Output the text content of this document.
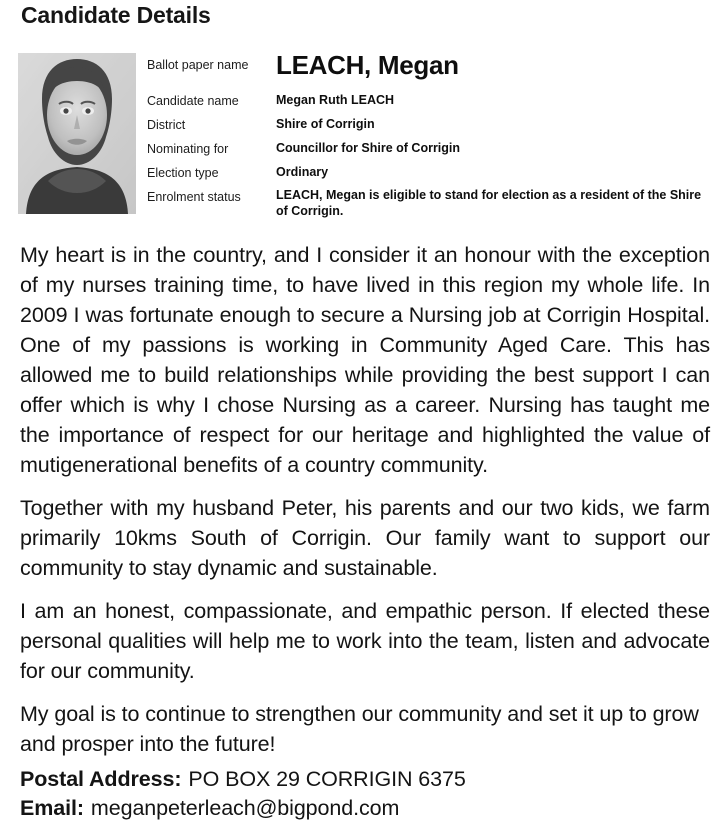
Candidate Details
Ballot paper name	LEACH, Megan
Candidate name	Megan Ruth LEACH
District	Shire of Corrigin
Nominating for	Councillor for Shire of Corrigin
Election type	Ordinary
Enrolment status	LEACH, Megan is eligible to stand for election as a resident of the Shire of Corrigin.

My heart is in the country, and I consider it an honour with the exception of my nurses training time, to have lived in this region my whole life. In 2009 I was fortunate enough to secure a Nursing job at Corrigin Hospital. One of my passions is working in Community Aged Care. This has allowed me to build relationships while providing the best support I can offer which is why I chose Nursing as a career. Nursing has taught me the importance of respect for our heritage and highlighted the value of mutigenerational benefits of a country community.

Together with my husband Peter, his parents and our two kids, we farm primarily 10kms South of Corrigin. Our family want to support our community to stay dynamic and sustainable.

I am an honest, compassionate, and empathic person. If elected these personal qualities will help me to work into the team, listen and advocate for our community.

My goal is to continue to strengthen our community and set it up to grow and prosper into the future!

Postal Address: PO BOX 29 CORRIGIN 6375
Email: meganpeterleach@bigpond.com
